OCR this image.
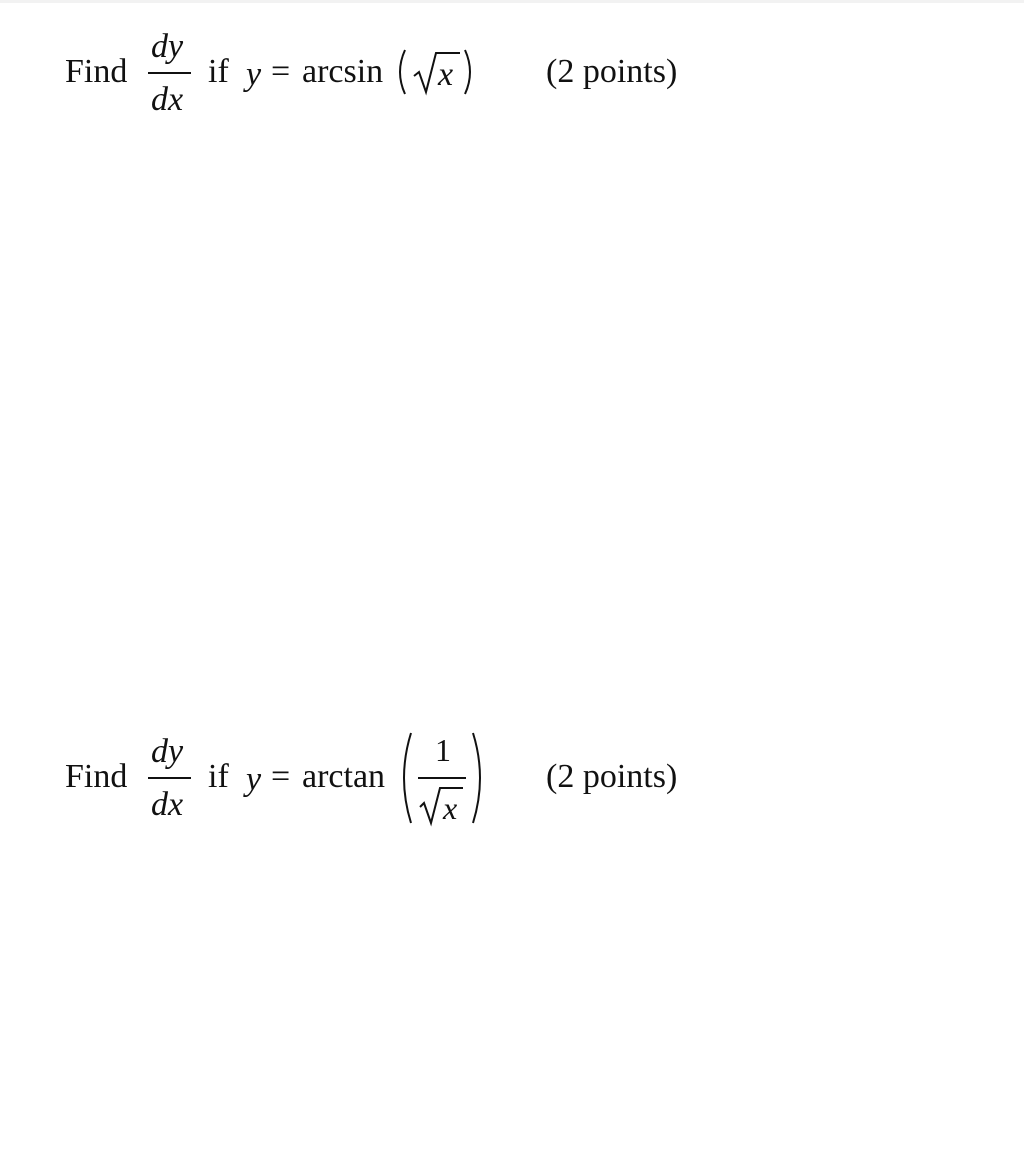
Find
dy
dx
if y = arcsin x	(2 points)
Find
dy
dx
if y = arctan
1
x
(2 points)
